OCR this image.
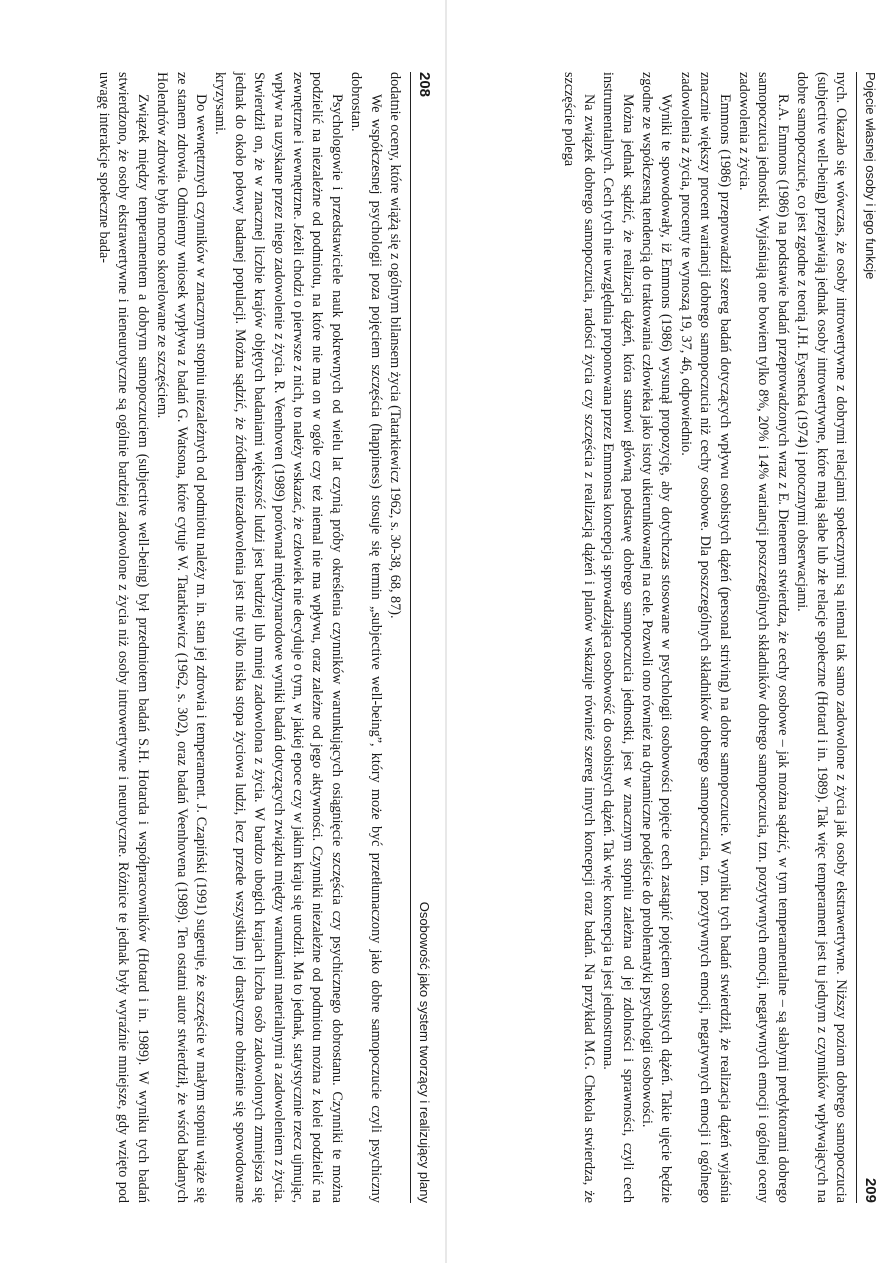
208
Osobowość jako system tworzący i realizujący plany

dodatnie oceny, które wiążą się z ogólnym bilansem życia (Tatarkiewicz 1962, s. 30-38, 68, 87).

We współczesnej psychologii poza pojęciem szczęścia (happiness) stosuje się termin „subjective well-being”, który może być przetłumaczony jako dobre samopoczucie czyli psychiczny dobrostan.

Psychologowie i przedstawiciele nauk pokrewnych od wielu lat czynią próby określenia czynników warunkujących osiągnięcie szczęścia czy psychicznego dobrostanu. Czynniki te można podzielić na niezależne od podmiotu, na które nie ma on w ogóle czy też niemal nie ma wpływu, oraz zależne od jego aktywności. Czynniki niezależne od podmiotu można z kolei podzielić na zewnętrzne i wewnętrzne. Jeżeli chodzi o pierwsze z nich, to należy wskazać, że człowiek nie decyduje o tym, w jakiej epoce czy w jakim kraju się urodził. Ma to jednak, statystycznie rzecz ujmując, wpływ na uzyskane przez niego zadowolenie z życia. R. Veenhoven (1989) porównał międzynarodowe wyniki badań dotyczących związku między warunkami materialnymi a zadowoleniem z życia. Stwierdził on, że w znacznej liczbie krajów objętych badaniami większość ludzi jest bardziej lub mniej zadowolona z życia. W bardzo ubogich krajach liczba osób zadowolonych zmniejsza się jednak do około połowy badanej populacji. Można sądzić, że źródłem niezadowolenia jest nie tylko niska stopa życiowa ludzi, lecz przede wszystkim jej drastyczne obniżenie się spowodowane kryzysami.

Do wewnętrznych czynników w znacznym stopniu niezależnych od podmiotu należy m. in. stan jej zdrowia i temperament. J. Czapiński (1991) sugeruje, że szczęście w małym stopniu wiąże się ze stanem zdrowia. Odmienny wniosek wypływa z badań G. Watsona, które cytuje W. Tatarkiewicz (1962, s. 302), oraz badań Veenhovena (1989). Ten ostatni autor stwierdził, że wśród badanych Holendrów zdrowie było mocno skorelowane ze szczęściem.

Związek między temperamentem a dobrym samopoczuciem (subjective well-being) był przedmiotem badań S.H. Hotarda i współpracowników (Hotard i in. 1989). W wyniku tych badań stwierdzono, że osoby ekstrawertywne i nieneurotyczne są ogólnie bardziej zadowolone z życia niż osoby introwertywne i neurotyczne. Różnice te jednak były wyraźnie mniejsze, gdy wzięto pod uwagę interakcje społeczne bada-

209
Pojęcie własnej osoby i jego funkcje

nych. Okazało się wówczas, że osoby introwertywne z dobrymi relacjami społecznymi są niemal tak samo zadowolone z życia jak osoby ekstrawertywne. Niższy poziom dobrego samopoczucia (subjective well-being) przejawiają jednak osoby introwertywne, które mają słabe lub złe relacje społeczne (Hotard i in. 1989). Tak więc temperament jest tu jednym z czynników wpływających na dobre samopoczucie, co jest zgodne z teorią J.H. Eysencka (1974) i potocznymi obserwacjami.

R.A. Emmons (1986) na podstawie badań przeprowadzonych wraz z E. Dienerem stwierdza, że cechy osobowe – jak można sądzić, w tym temperamentalne – są słabymi predyktorami dobrego samopoczucia jednostki. Wyjaśniają one bowiem tylko 8%, 20% i 14% wariancji poszczególnych składników dobrego samopoczucia, tzn. pozytywnych emocji, negatywnych emocji i ogólnej oceny zadowolenia z życia.

Emmons (1986) przeprowadził szereg badań dotyczących wpływu osobistych dążeń (personal striving) na dobre samopoczucie. W wyniku tych badań stwierdził, że realizacja dążeń wyjaśnia znacznie większy procent wariancji dobrego samopoczucia niż cechy osobowe. Dla poszczególnych składników dobrego samopoczucia, tzn. pozytywnych emocji, negatywnych emocji i ogólnego zadowolenia z życia, procenty te wynoszą 19, 37, 46, odpowiednio.

Wyniki te spowodowały, iż Emmons (1986) wysunął propozycję, aby dotychczas stosowane w psychologii osobowości pojęcie cech zastąpić pojęciem osobistych dążeń. Takie ujęcie będzie zgodne ze współczesną tendencją do traktowania człowieka jako istoty ukierunkowanej na cele. Pozwoli ono również na dynamiczne podejście do problematyki psychologii osobowości.

Można jednak sądzić, że realizacja dążeń, która stanowi główną podstawę dobrego samopoczucia jednostki, jest w znacznym stopniu zależna od jej zdolności i sprawności, czyli cech instrumentalnych. Cech tych nie uwzględnia proponowana przez Emmonsa koncepcja sprowadzająca osobowość do osobistych dążeń. Tak więc koncepcja ta jest jednostronna.

Na związek dobrego samopoczucia, radości życia czy szczęścia z realizacją dążeń i planów wskazuje również szereg innych koncepcji oraz badań. Na przykład M.G. Chekola stwierdza, że szczęście polega
